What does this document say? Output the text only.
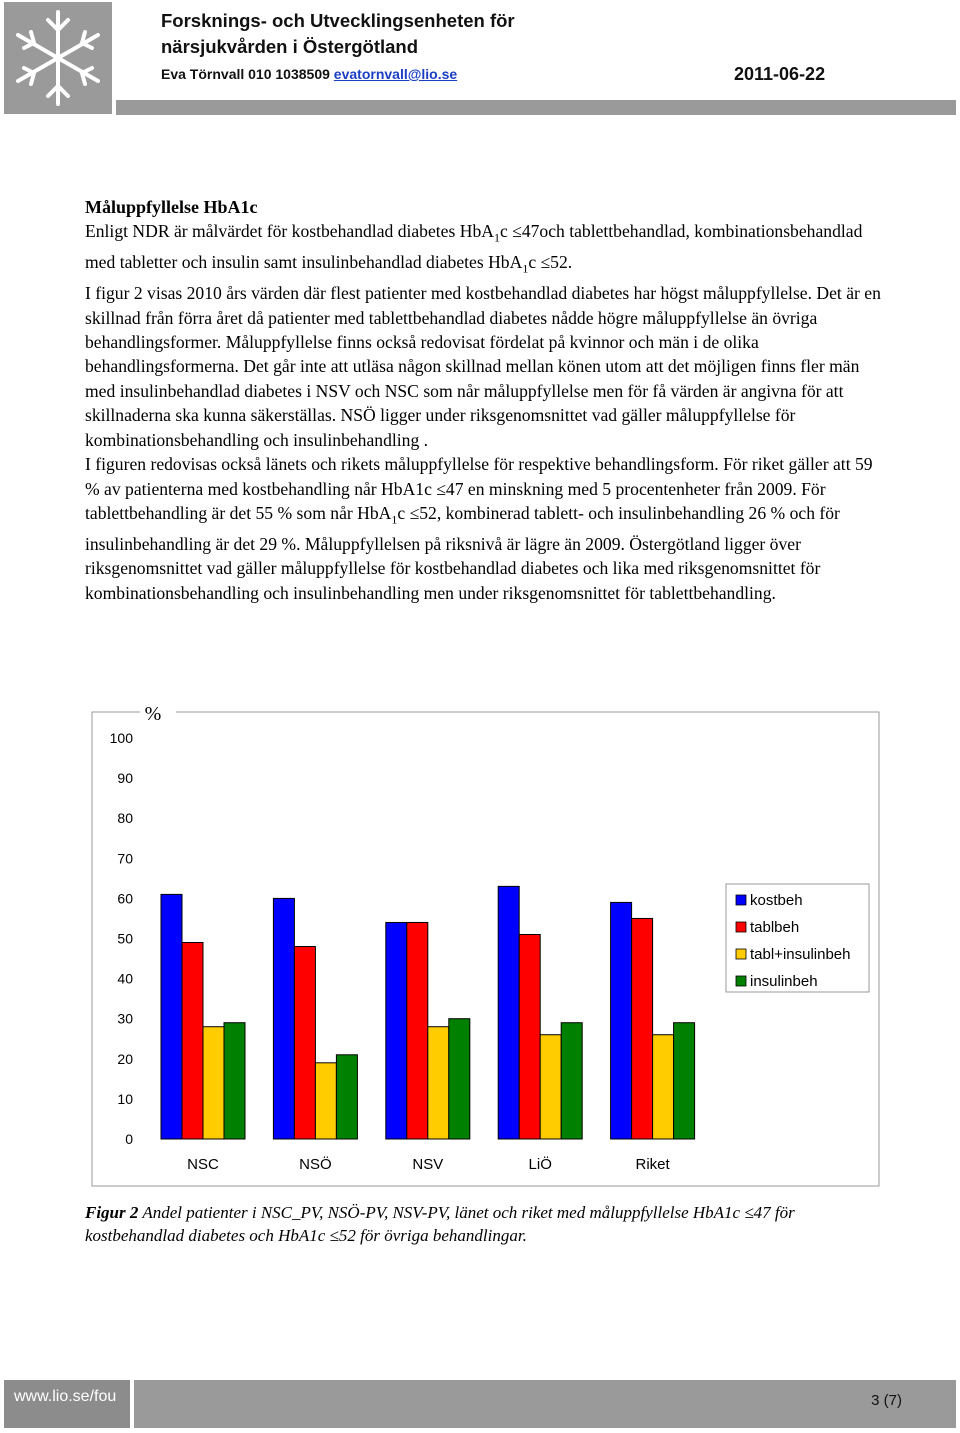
Forsknings- och Utvecklingsenheten för
närsjukvården i Östergötland
Eva Törnvall 010 1038509 evatornvall@lio.se	2011-06-22
Måluppfyllelse HbA1c

Enligt NDR är målvärdet för kostbehandlad diabetes HbA$_1$c ≤47och tablettbehandlad, kombinationsbehandlad med tabletter och insulin samt insulinbehandlad diabetes HbA$_1$c ≤52.

I figur 2 visas 2010 års värden där flest patienter med kostbehandlad diabetes har högst måluppfyllelse. Det är en skillnad från förra året då patienter med tablettbehandlad diabetes nådde högre måluppfyllelse än övriga behandlingsformer. Måluppfyllelse finns också redovisat fördelat på kvinnor och män i de olika behandlingsformerna. Det går inte att utläsa någon skillnad mellan könen utom att det möjligen finns fler män med insulinbehandlad diabetes i NSV och NSC som når måluppfyllelse men för få värden är angivna för att skillnaderna ska kunna säkerställas. NSÖ ligger under riksgenomsnittet vad gäller måluppfyllelse för kombinationsbehandling och insulinbehandling .

I figuren redovisas också länets och rikets måluppfyllelse för respektive behandlingsform. För riket gäller att 59 % av patienterna med kostbehandling når HbA1c ≤47 en minskning med 5 procentenheter från 2009. För tablettbehandling är det 55 % som når HbA$_1$c ≤52, kombinerad tablett- och insulinbehandling 26 % och för insulinbehandling är det 29 %. Måluppfyllelsen på riksnivå är lägre än 2009. Östergötland ligger över riksgenomsnittet vad gäller måluppfyllelse för kostbehandlad diabetes och lika med riksgenomsnittet för kombinationsbehandling och insulinbehandling men under riksgenomsnittet för tablettbehandling.

%
0
10
20
30
40
50
60
70
80
90
100
NSC	NSÖ	NSV	LiÖ	Riket
kostbeh
tablbeh
tabl+insulinbeh
insulinbeh
Figur 2 Andel patienter i NSC_PV, NSÖ-PV, NSV-PV, länet och riket med måluppfyllelse HbA1c ≤47 för kostbehandlad diabetes och HbA1c ≤52 för övriga behandlingar.
www.lio.se/fou	3 (7)
